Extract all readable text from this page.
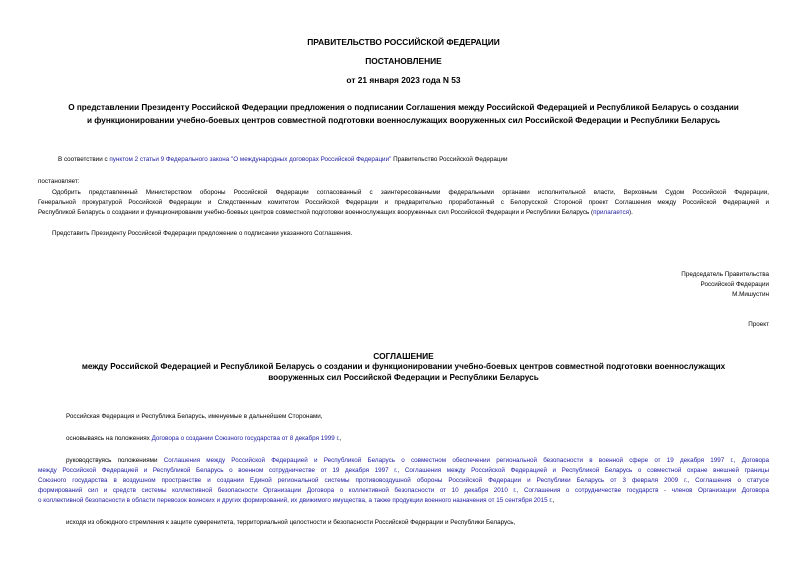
ПРАВИТЕЛЬСТВО РОССИЙСКОЙ ФЕДЕРАЦИИ
ПОСТАНОВЛЕНИЕ
от 21 января 2023 года N 53
О представлении Президенту Российской Федерации предложения о подписании Соглашения между Российской Федерацией и Республикой Беларусь о создании
и функционировании учебно-боевых центров совместной подготовки военнослужащих вооруженных сил Российской Федерации и Республики Беларусь
В соответствии с пунктом 2 статьи 9 Федерального закона "О международных договорах Российской Федерации" Правительство Российской Федерации
постановляет:
Одобрить представленный Министерством обороны Российской Федерации согласованный с заинтересованными федеральными органами исполнительной власти, Верховным Судом Российской Федерации,
Генеральной прокуратурой Российской Федерации и Следственным комитетом Российской Федерации и предварительно проработанный с Белорусской Стороной проект Соглашения между Российской Федерацией и
Республикой Беларусь о создании и функционировании учебно-боевых центров совместной подготовки военнослужащих вооруженных сил Российской Федерации и Республики Беларусь (прилагается).
Представить Президенту Российской Федерации предложение о подписании указанного Соглашения.
Председатель Правительства
Российской Федерации
М.Мишустин
Проект
СОГЛАШЕНИЕ
между Российской Федерацией и Республикой Беларусь о создании и функционировании учебно-боевых центров совместной подготовки военнослужащих
вооруженных сил Российской Федерации и Республики Беларусь
Российская Федерация и Республика Беларусь, именуемые в дальнейшем Сторонами,
основываясь на положениях Договора о создании Союзного государства от 8 декабря 1999 г.,
руководствуясь положениями Соглашения между Российской Федерацией и Республикой Беларусь о совместном обеспечении региональной безопасности в военной сфере от 19 декабря 1997 г., Договора
между Российской Федерацией и Республикой Беларусь о военном сотрудничестве от 19 декабря 1997 г., Соглашения между Российской Федерацией и Республикой Беларусь о совместной охране внешней границы
Союзного государства в воздушном пространстве и создании Единой региональной системы противовоздушной обороны Российской Федерации и Республики Беларусь от 3 февраля 2009 г., Соглашения о статусе
формирований сил и средств системы коллективной безопасности Организации Договора о коллективной безопасности от 10 декабря 2010 г., Соглашения о сотрудничестве государств - членов Организации Договора
о коллективной безопасности в области перевозок воинских и других формирований, их движимого имущества, а также продукции военного назначения от 15 сентября 2015 г.,
исходя из обоюдного стремления к защите суверенитета, территориальной целостности и безопасности Российской Федерации и Республики Беларусь,
